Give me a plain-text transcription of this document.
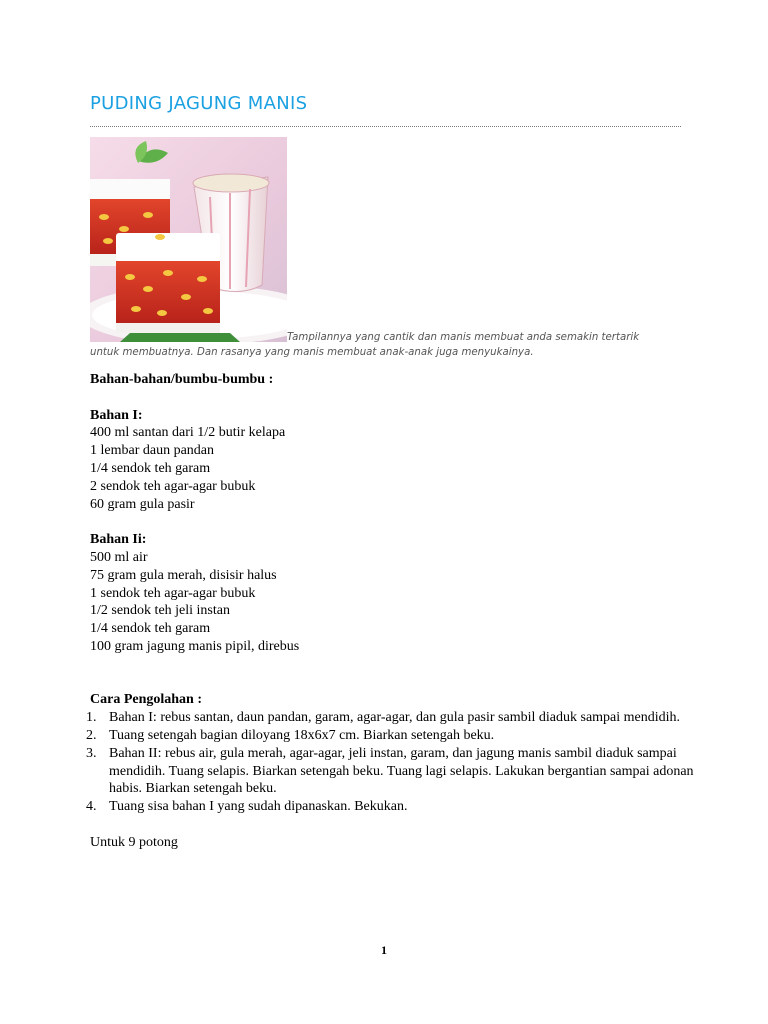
PUDING JAGUNG MANIS
Tampilannya yang cantik dan manis membuat anda semakin tertarik
untuk membuatnya. Dan rasanya yang manis membuat anak-anak juga menyukainya.

Bahan-bahan/bumbu-bumbu :

Bahan I:

400 ml santan dari 1/2 butir kelapa

1 lembar daun pandan

1/4 sendok teh garam

2 sendok teh agar-agar bubuk

60 gram gula pasir

Bahan Ii:

500 ml air

75 gram gula merah, disisir halus

1 sendok teh agar-agar bubuk

1/2 sendok teh jeli instan

1/4 sendok teh garam

100 gram jagung manis pipil, direbus

Cara Pengolahan :

1. Bahan I: rebus santan, daun pandan, garam, agar-agar, dan gula pasir sambil diaduk sampai mendidih.
2. Tuang setengah bagian diloyang 18x6x7 cm. Biarkan setengah beku.
3. Bahan II: rebus air, gula merah, agar-agar, jeli instan, garam, dan jagung manis sambil diaduk sampai mendidih. Tuang selapis. Biarkan setengah beku. Tuang lagi selapis. Lakukan bergantian sampai adonan habis. Biarkan setengah beku.
4. Tuang sisa bahan I yang sudah dipanaskan. Bekukan.

Untuk 9 potong

1
